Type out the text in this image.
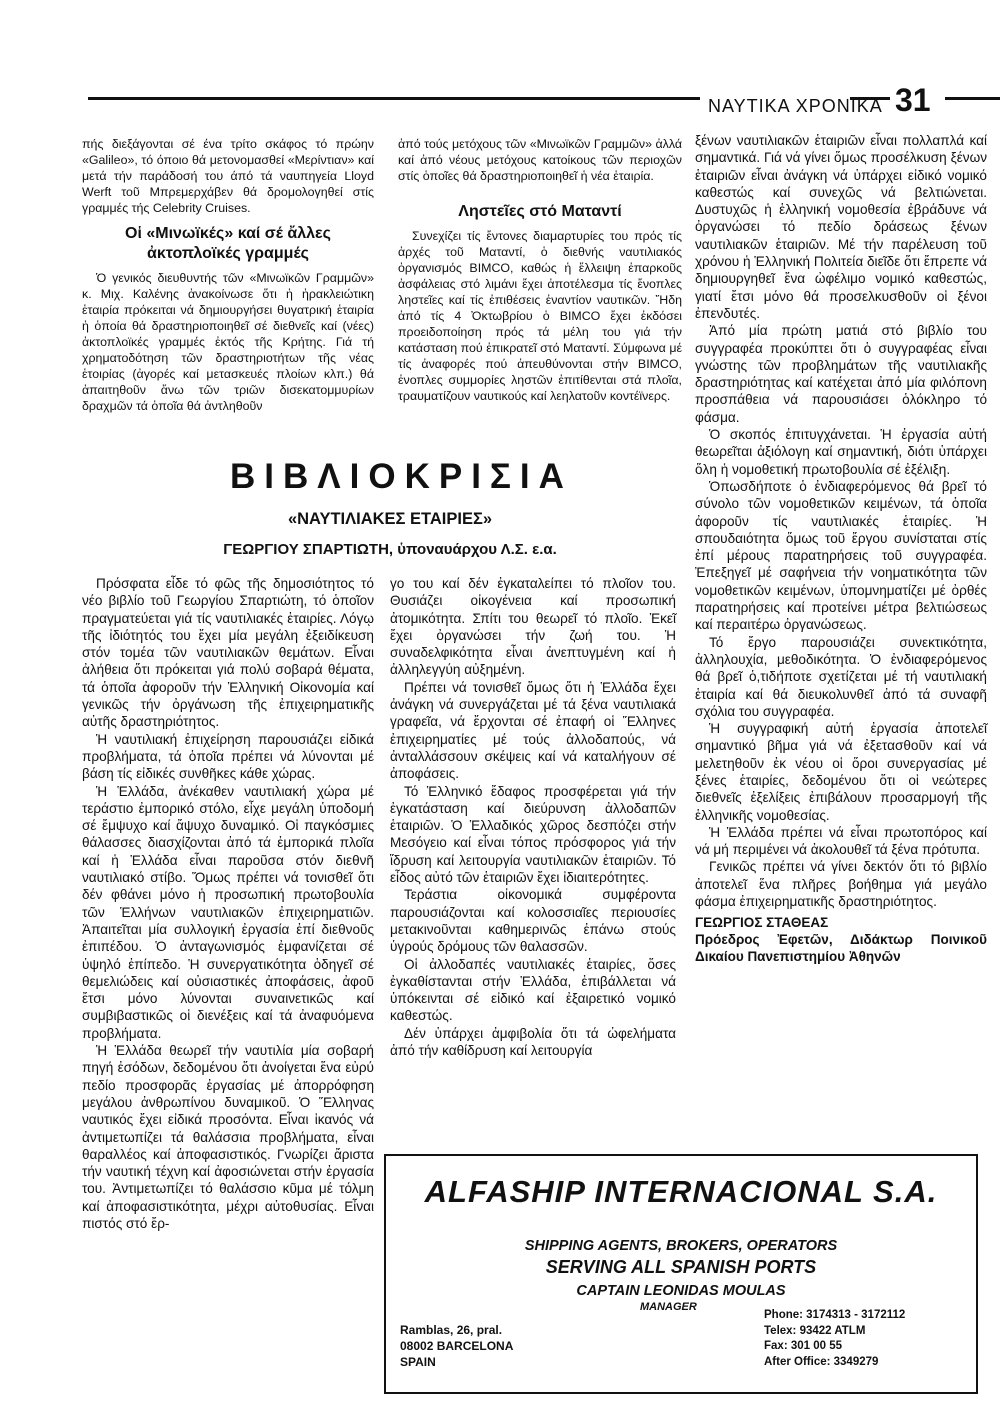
ΝΑΥΤΙΚΑ ΧΡΟΝΙΚΑ 31

πής διεξάγονται σέ ένα τρίτο σκάφος τό πρώην «Galileo», τό όποιο θά μετονομασθεί «Μερίντιαν» καί μετά τήν παράδοσή του άπό τά ναυπηγεία Lloyd Werft τοῦ Μπρεμερχάβεν θά δρομολογηθεί στίς γραμμές τής Celebrity Cruises.

Οἱ «Μινωϊκές» καί σέ ἄλλες ἀκτοπλοϊκές γραμμές

Ὁ γενικός διευθυντής τῶν «Μινωϊκῶν Γραμμῶν» κ. Μιχ. Καλένης ἀνακοίνωσε ὅτι ἡ ἡρακλειώτικη ἑταιρία πρόκειται νά δημιουργήσει θυγατρική ἑταιρία ἡ ὁποία θά δραστηριοποιηθεῖ σέ διεθνεῖς καί (νέες) ἀκτοπλοϊκές γραμμές ἐκτός τῆς Κρήτης. Γιά τή χρηματοδότηση τῶν δραστηριοτήτων τῆς νέας ἑτοιρίας (ἀγορές καί μετασκευές πλοίων κλπ.) θά ἀπαιτηθοῦν ἄνω τῶν τριῶν δισεκατομμυρίων δραχμῶν τά ὁποῖα θά ἀντληθοῦν

ἀπό τούς μετόχους τῶν «Μινωϊκῶν Γραμμῶν» ἀλλά καί ἀπό νέους μετόχους κατοίκους τῶν περιοχῶν στίς ὁποῖες θά δραστηριοποιηθεῖ ἡ νέα ἑταιρία.

Ληστεῖες στό Ματαντί

Συνεχίζει τίς ἔντονες διαμαρτυρίες του πρός τίς ἀρχές τοῦ Ματαντί, ὁ διεθνής ναυτιλιακός ὀργανισμός BIMCO, καθώς ἡ ἔλλειψη ἐπαρκοῦς ἀσφάλειας στό λιμάνι ἔχει ἀποτέλεσμα τίς ἔνοπλες ληστεῖες καί τίς ἐπιθέσεις ἐναντίον ναυτικῶν. Ἤδη ἀπό τίς 4 Ὀκτωβρίου ὁ BIMCO ἔχει ἐκδόσει προειδοποίηση πρός τά μέλη του γιά τήν κατάσταση πού ἐπικρατεῖ στό Ματαντί. Σύμφωνα μέ τίς ἀναφορές πού ἀπευθύνονται στήν BIMCO, ἐνοπλες συμμορίες ληστῶν ἐπιτίθενται στά πλοῖα, τραυματίζουν ναυτικούς καί λεηλατοῦν κοντέϊνερς.

ΒΙΒΛΙΟΚΡΙΣΙΑ
«ΝΑΥΤΙΛΙΑΚΕΣ ΕΤΑΙΡΙΕΣ»
ΓΕΩΡΓΙΟΥ ΣΠΑΡΤΙΩΤΗ, ὑποναυάρχου Λ.Σ. ε.α.

Πρόσφατα εἶδε τό φῶς τῆς δημοσιότητος τό νέο βιβλίο τοῦ Γεωργίου Σπαρτιώτη, τό ὁποῖον πραγματεύεται γιά τίς ναυτιλιακές ἑταιρίες. Λόγῳ τῆς ἰδιότητός του ἔχει μία μεγάλη ἐξειδίκευση στόν τομέα τῶν ναυτιλιακῶν θεμάτων. Εἶναι ἀλήθεια ὅτι πρόκειται γιά πολύ σοβαρά θέματα, τά ὁποῖα ἀφοροῦν τήν Ἑλληνική Οἰκονομία καί γενικῶς τήν ὀργάνωση τῆς ἐπιχειρηματικῆς αὐτῆς δραστηριότητος.

Ἡ ναυτιλιακή ἐπιχείρηση παρουσιάζει εἰδικά προβλήματα, τά ὁποῖα πρέπει νά λύνονται μέ βάση τίς εἰδικές συνθῆκες κάθε χώρας.

Ἡ Ἑλλάδα, ἀνέκαθεν ναυτιλιακή χώρα μέ τεράστιο ἐμπορικό στόλο, εἶχε μεγάλη ὑποδομή σέ ἔμψυχο καί ἄψυχο δυναμικό. Οἱ παγκόσμιες θάλασσες διασχίζονται ἀπό τά ἐμπορικά πλοῖα καί ἡ Ἑλλάδα εἶναι παροῦσα στόν διεθνῆ ναυτιλιακό στίβο. Ὅμως πρέπει νά τονισθεῖ ὅτι δέν φθάνει μόνο ἡ προσωπική πρωτοβουλία τῶν Ἑλλήνων ναυτιλιακῶν ἐπιχειρηματιῶν. Ἀπαιτεῖται μία συλλογική ἐργασία ἐπί διεθνοῦς ἐπιπέδου. Ὁ ἀνταγωνισμός ἐμφανίζεται σέ ὑψηλό ἐπίπεδο. Ἡ συνεργατικότητα ὁδηγεῖ σέ θεμελιώδεις καί οὐσιαστικές ἀποφάσεις, ἀφοῦ ἔτσι μόνο λύνονται συναινετικῶς καί συμβιβαστικῶς οἱ διενέξεις καί τά ἀναφυόμενα προβλήματα.

Ἡ Ἑλλάδα θεωρεῖ τήν ναυτιλία μία σοβαρή πηγή ἐσόδων, δεδομένου ὅτι ἀνοίγεται ἕνα εὐρύ πεδίο προσφορᾶς ἐργασίας μέ ἀπορρόφηση μεγάλου ἀνθρωπίνου δυναμικοῦ. Ὁ Ἕλληνας ναυτικός ἔχει εἰδικά προσόντα. Εἶναι ἱκανός νά ἀντιμετωπίζει τά θαλάσσια προβλήματα, εἶναι θαραλλέος καί ἀποφασιστικός. Γνωρίζει ἄριστα τήν ναυτική τέχνη καί ἀφοσιώνεται στήν ἐργασία του. Ἀντιμετωπίζει τό θαλάσσιο κῦμα μέ τόλμη καί ἀποφασιστικότητα, μέχρι αὐτοθυσίας. Εἶναι πιστός στό ἔρ-

γο του καί δέν ἐγκαταλείπει τό πλοῖον του. Θυσιάζει οἰκογένεια καί προσωπική ἀτομικότητα. Σπίτι του θεωρεῖ τό πλοῖο. Ἐκεῖ ἔχει ὀργανώσει τήν ζωή του. Ἡ συναδελφικότητα εἶναι ἀνεπτυγμένη καί ἡ ἀλληλεγγύη αὐξημένη.

Πρέπει νά τονισθεῖ ὅμως ὅτι ἡ Ἑλλάδα ἔχει ἀνάγκη νά συνεργάζεται μέ τά ξένα ναυτιλιακά γραφεῖα, νά ἔρχονται σέ ἐπαφή οἱ Ἕλληνες ἐπιχειρηματίες μέ τούς ἀλλοδαπούς, νά ἀνταλλάσσουν σκέψεις καί νά καταλήγουν σέ ἀποφάσεις.

Τό Ἑλληνικό ἔδαφος προσφέρεται γιά τήν ἐγκατάσταση καί διεύρυνση ἀλλοδαπῶν ἑταιριῶν. Ὁ Ἑλλαδικός χῶρος δεσπόζει στήν Μεσόγειο καί εἶναι τόπος πρόσφορος γιά τήν ἵδρυση καί λειτουργία ναυτιλιακῶν ἑταιριῶν. Τό εἶδος αὐτό τῶν ἑταιριῶν ἔχει ἰδιαιτερότητες.

Τεράστια οἰκονομικά συμφέροντα παρουσιάζονται καί κολοσσιαῖες περιουσίες μετακινοῦνται καθημερινῶς ἐπάνω στούς ὑγρούς δρόμους τῶν θαλασσῶν.

Οἱ ἀλλοδαπές ναυτιλιακές ἑταιρίες, ὅσες ἐγκαθίστανται στήν Ἑλλάδα, ἐπιβάλλεται νά ὑπόκεινται σέ εἰδικό καί ἐξαιρετικό νομικό καθεστώς.

Δέν ὑπάρχει ἀμφιβολία ὅτι τά ὠφελήματα ἀπό τήν καθίδρυση καί λειτουργία

ξένων ναυτιλιακῶν ἑταιριῶν εἶναι πολλαπλά καί σημαντικά. Γιά νά γίνει ὅμως προσέλκυση ξένων ἑταιριῶν εἶναι ἀνάγκη νά ὑπάρχει εἰδικό νομικό καθεστώς καί συνεχῶς νά βελτιώνεται. Δυστυχῶς ἡ ἑλληνική νομοθεσία ἐβράδυνε νά ὀργανώσει τό πεδίο δράσεως ξένων ναυτιλιακῶν ἑταιριῶν. Μέ τήν παρέλευση τοῦ χρόνου ἡ Ἑλληνική Πολιτεία διεῖδε ὅτι ἔπρεπε νά δημιουργηθεῖ ἕνα ὠφέλιμο νομικό καθεστώς, γιατί ἔτσι μόνο θά προσελκυσθοῦν οἱ ξένοι ἐπενδυτές.

Ἀπό μία πρώτη ματιά στό βιβλίο του συγγραφέα προκύπτει ὅτι ὁ συγγραφέας εἶναι γνώστης τῶν προβλημάτων τῆς ναυτιλιακῆς δραστηριότητας καί κατέχεται ἀπό μία φιλόπονη προσπάθεια νά παρουσιάσει ὁλόκληρο τό φάσμα.

Ὁ σκοπός ἐπιτυγχάνεται. Ἡ ἐργασία αὐτή θεωρεῖται ἀξιόλογη καί σημαντική, διότι ὑπάρχει ὅλη ἡ νομοθετική πρωτοβουλία σέ ἐξέλιξη.

Ὁπωσδήποτε ὁ ἐνδιαφερόμενος θά βρεῖ τό σύνολο τῶν νομοθετικῶν κειμένων, τά ὁποῖα ἀφοροῦν τίς ναυτιλιακές ἑταιρίες. Ἡ σπουδαιότητα ὅμως τοῦ ἔργου συνίσταται στίς ἐπί μέρους παρατηρήσεις τοῦ συγγραφέα. Ἐπεξηγεῖ μέ σαφήνεια τήν νοηματικότητα τῶν νομοθετικῶν κειμένων, ὑπομνηματίζει μέ ὀρθές παρατηρήσεις καί προτείνει μέτρα βελτιώσεως καί περαιτέρω ὀργανώσεως.

Τό ἔργο παρουσιάζει συνεκτικότητα, ἀλληλουχία, μεθοδικότητα. Ὁ ἐνδιαφερόμενος θά βρεῖ ὁ,τιδήποτε σχετίζεται μέ τή ναυτιλιακή ἑταιρία καί θά διευκολυνθεῖ ἀπό τά συναφῆ σχόλια του συγγραφέα.

Ἡ συγγραφική αὐτή ἐργασία ἀποτελεῖ σημαντικό βῆμα γιά νά ἐξετασθοῦν καί νά μελετηθοῦν ἐκ νέου οἱ ὅροι συνεργασίας μέ ξένες ἑταιρίες, δεδομένου ὅτι οἱ νεώτερες διεθνεῖς ἐξελίξεις ἐπιβάλουν προσαρμογή τῆς ἑλληνικῆς νομοθεσίας.

Ἡ Ἑλλάδα πρέπει νά εἶναι πρωτοπόρος καί νά μή περιμένει νά ἀκολουθεῖ τά ξένα πρότυπα.

Γενικῶς πρέπει νά γίνει δεκτόν ὅτι τό βιβλίο ἀποτελεῖ ἕνα πλῆρες βοήθημα γιά μεγάλο φάσμα ἐπιχειρηματικῆς δραστηριότητος.

ΓΕΩΡΓΙΟΣ ΣΤΑΘΕΑΣ

Πρόεδρος Ἐφετῶν, Διδάκτωρ Ποινικοῦ Δικαίου Πανεπιστημίου Ἀθηνῶν

ALFASHIP INTERNACIONAL S.A.
SHIPPING AGENTS, BROKERS, OPERATORS
SERVING ALL SPANISH PORTS
CAPTAIN LEONIDAS MOULAS
MANAGER
Ramblas, 26, pral.
08002 BARCELONA
SPAIN
Phone: 3174313 - 3172112
Telex: 93422 ATLM
Fax: 301 00 55
After Office: 3349279
